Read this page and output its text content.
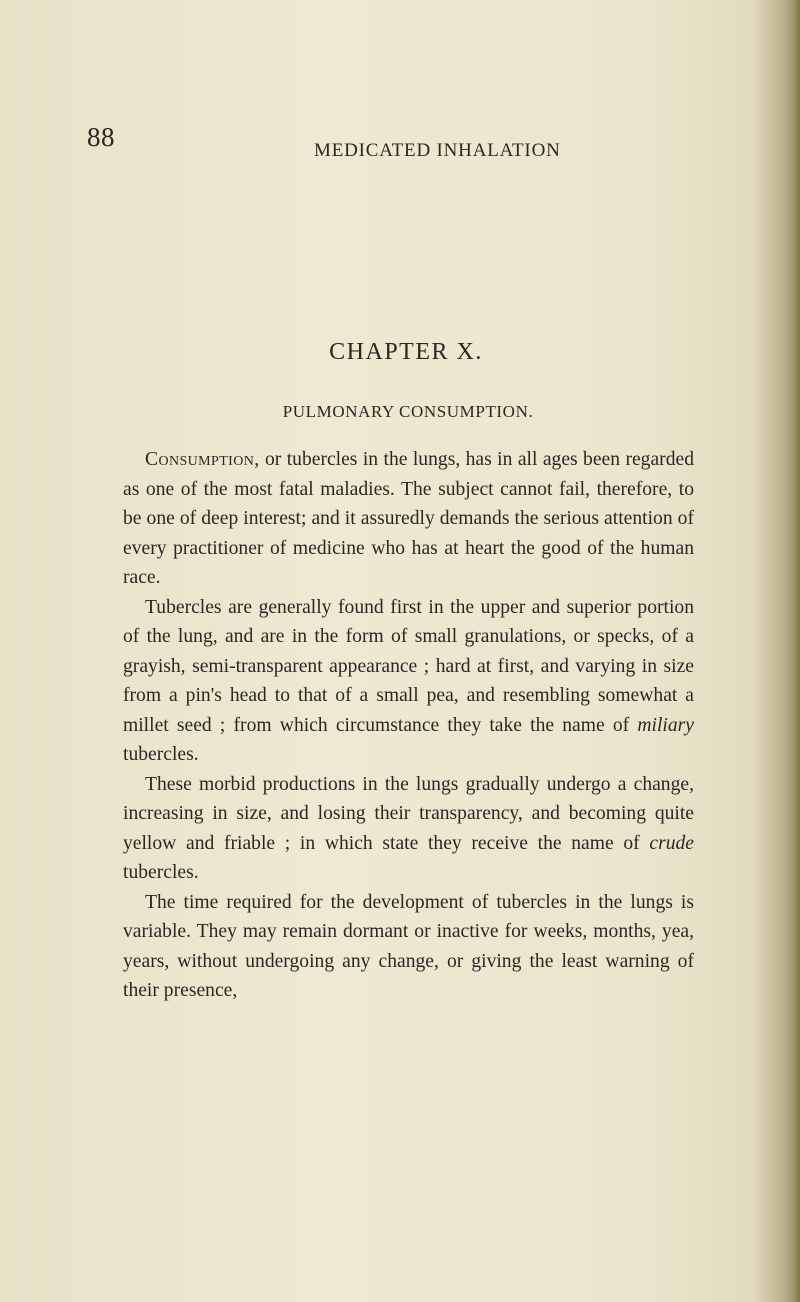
88	MEDICATED INHALATION
CHAPTER X.
PULMONARY CONSUMPTION.

Consumption, or tubercles in the lungs, has in all ages been regarded as one of the most fatal maladies. The subject cannot fail, therefore, to be one of deep interest; and it assuredly demands the serious attention of every practitioner of medicine who has at heart the good of the human race.

Tubercles are generally found first in the upper and superior portion of the lung, and are in the form of small granulations, or specks, of a grayish, semi-transparent appearance ; hard at first, and varying in size from a pin's head to that of a small pea, and resembling somewhat a millet seed ; from which circumstance they take the name of miliary tubercles.

These morbid productions in the lungs gradually undergo a change, increasing in size, and losing their transparency, and becoming quite yellow and friable ; in which state they receive the name of crude tubercles.

The time required for the development of tubercles in the lungs is variable. They may remain dormant or inactive for weeks, months, yea, years, without undergoing any change, or giving the least warning of their presence,
